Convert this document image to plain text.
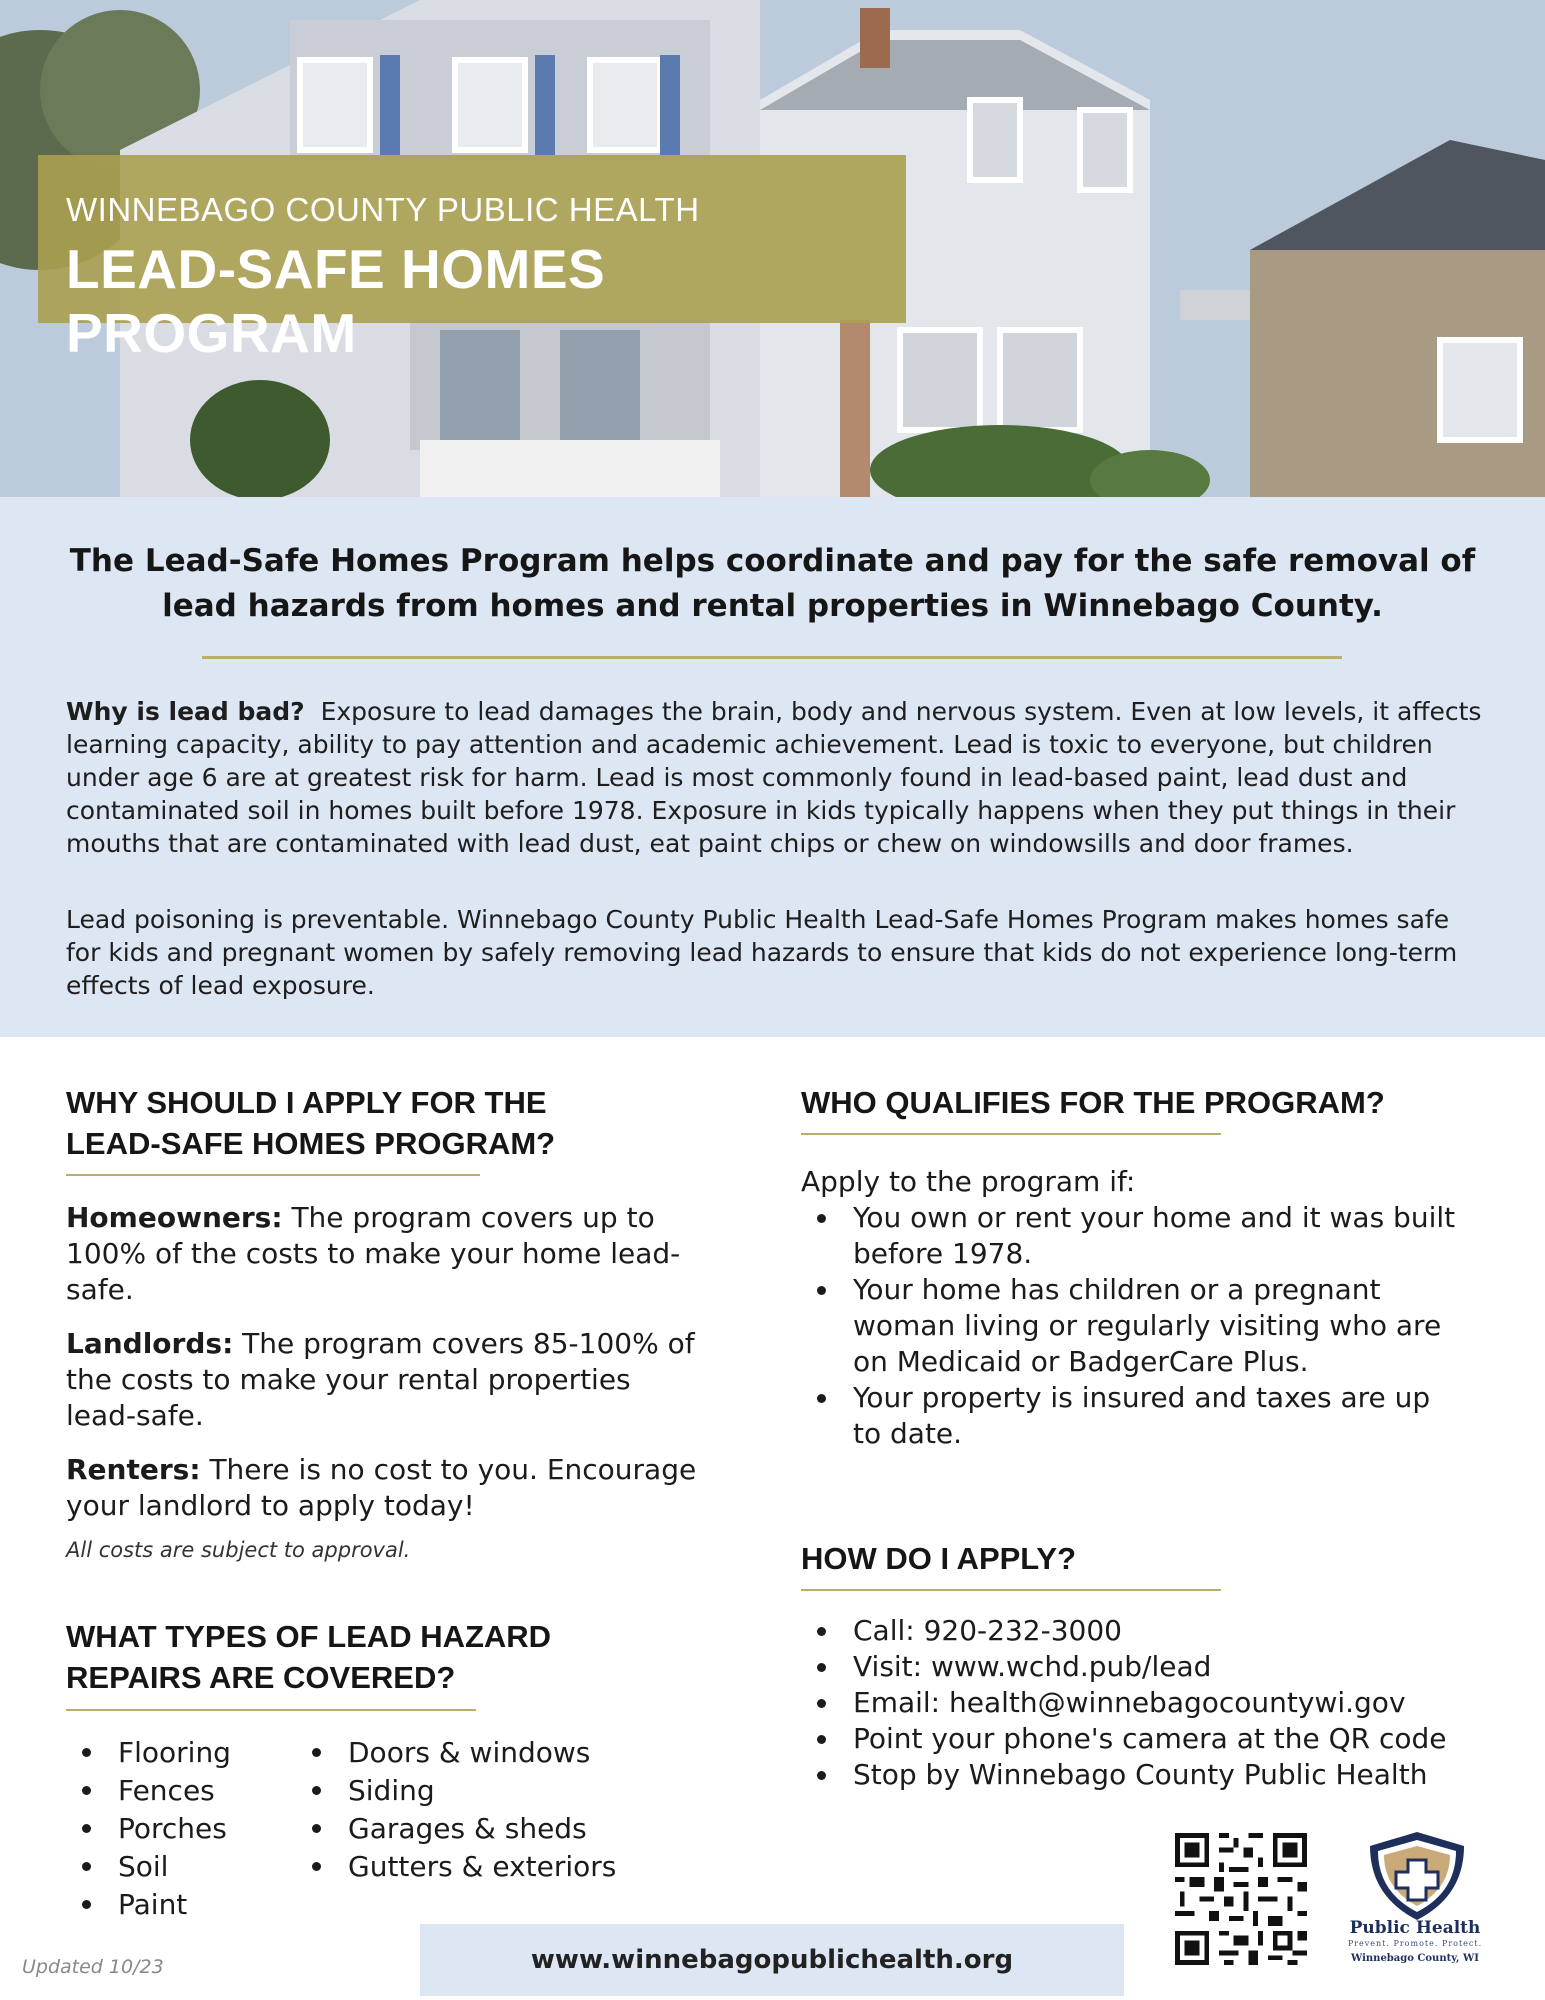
WINNEBAGO COUNTY PUBLIC HEALTH
LEAD-SAFE HOMES PROGRAM
The Lead-Safe Homes Program helps coordinate and pay for the safe removal of lead hazards from homes and rental properties in Winnebago County.
Why is lead bad? Exposure to lead damages the brain, body and nervous system. Even at low levels, it affects learning capacity, ability to pay attention and academic achievement. Lead is toxic to everyone, but children under age 6 are at greatest risk for harm. Lead is most commonly found in lead-based paint, lead dust and contaminated soil in homes built before 1978. Exposure in kids typically happens when they put things in their mouths that are contaminated with lead dust, eat paint chips or chew on windowsills and door frames.
Lead poisoning is preventable. Winnebago County Public Health Lead-Safe Homes Program makes homes safe for kids and pregnant women by safely removing lead hazards to ensure that kids do not experience long-term effects of lead exposure.
WHY SHOULD I APPLY FOR THE
LEAD-SAFE HOMES PROGRAM?
Homeowners: The program covers up to 100% of the costs to make your home lead-safe.
Landlords: The program covers 85-100% of the costs to make your rental properties lead-safe.
Renters: There is no cost to you. Encourage your landlord to apply today!
All costs are subject to approval.
WHAT TYPES OF LEAD HAZARD
REPAIRS ARE COVERED?
Flooring
Fences
Porches
Soil
Paint
Doors & windows
Siding
Garages & sheds
Gutters & exteriors
WHO QUALIFIES FOR THE PROGRAM?
Apply to the program if:
You own or rent your home and it was built before 1978.
Your home has children or a pregnant woman living or regularly visiting who are on Medicaid or BadgerCare Plus.
Your property is insured and taxes are up to date.
HOW DO I APPLY?
Call: 920-232-3000
Visit: www.wchd.pub/lead
Email: health@winnebagocountywi.gov
Point your phone's camera at the QR code
Stop by Winnebago County Public Health
Updated 10/23	www.winnebagopublichealth.org
Public Health
Prevent. Promote. Protect.
Winnebago County, WI
